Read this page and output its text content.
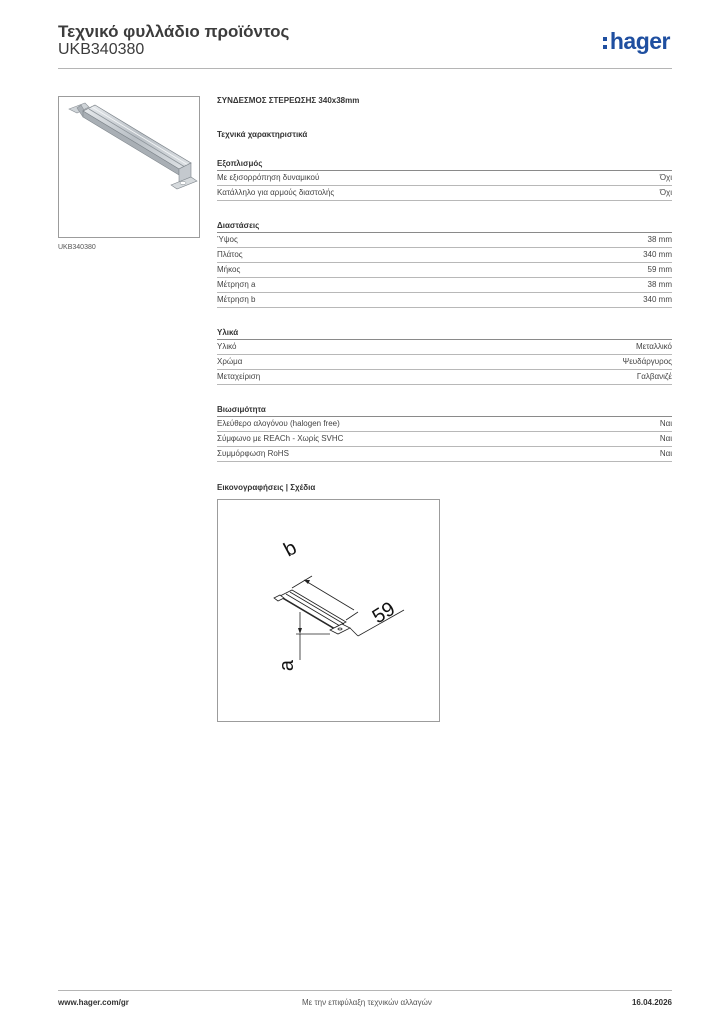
Τεχνικό φυλλάδιο προϊόντος
UKB340380	hager
UKB340380
ΣΥΝΔΕΣΜΟΣ ΣΤΕΡΕΩΣΗΣ 340x38mm
Τεχνικά χαρακτηριστικά
Εξοπλισμός
Με εξισορρόπηση δυναμικού	Όχι
Κατάλληλο για αρμούς διαστολής	Όχι
Διαστάσεις
Ύψος	38 mm
Πλάτος	340 mm
Μήκος	59 mm
Μέτρηση a	38 mm
Μέτρηση b	340 mm
Υλικά
Υλικό	Μεταλλικό
Χρώμα	Ψευδάργυρος
Μεταχείριση	Γαλβανιζέ
Βιωσιμότητα
Ελεύθερο αλογόνου (halogen free)	Ναι
Σύμφωνο με REACh - Χωρίς SVHC	Ναι
Συμμόρφωση RoHS	Ναι
Εικονογραφήσεις | Σχέδια
b
59
a
www.hager.com/gr	Με την επιφύλαξη τεχνικών αλλαγών	16.04.2026
